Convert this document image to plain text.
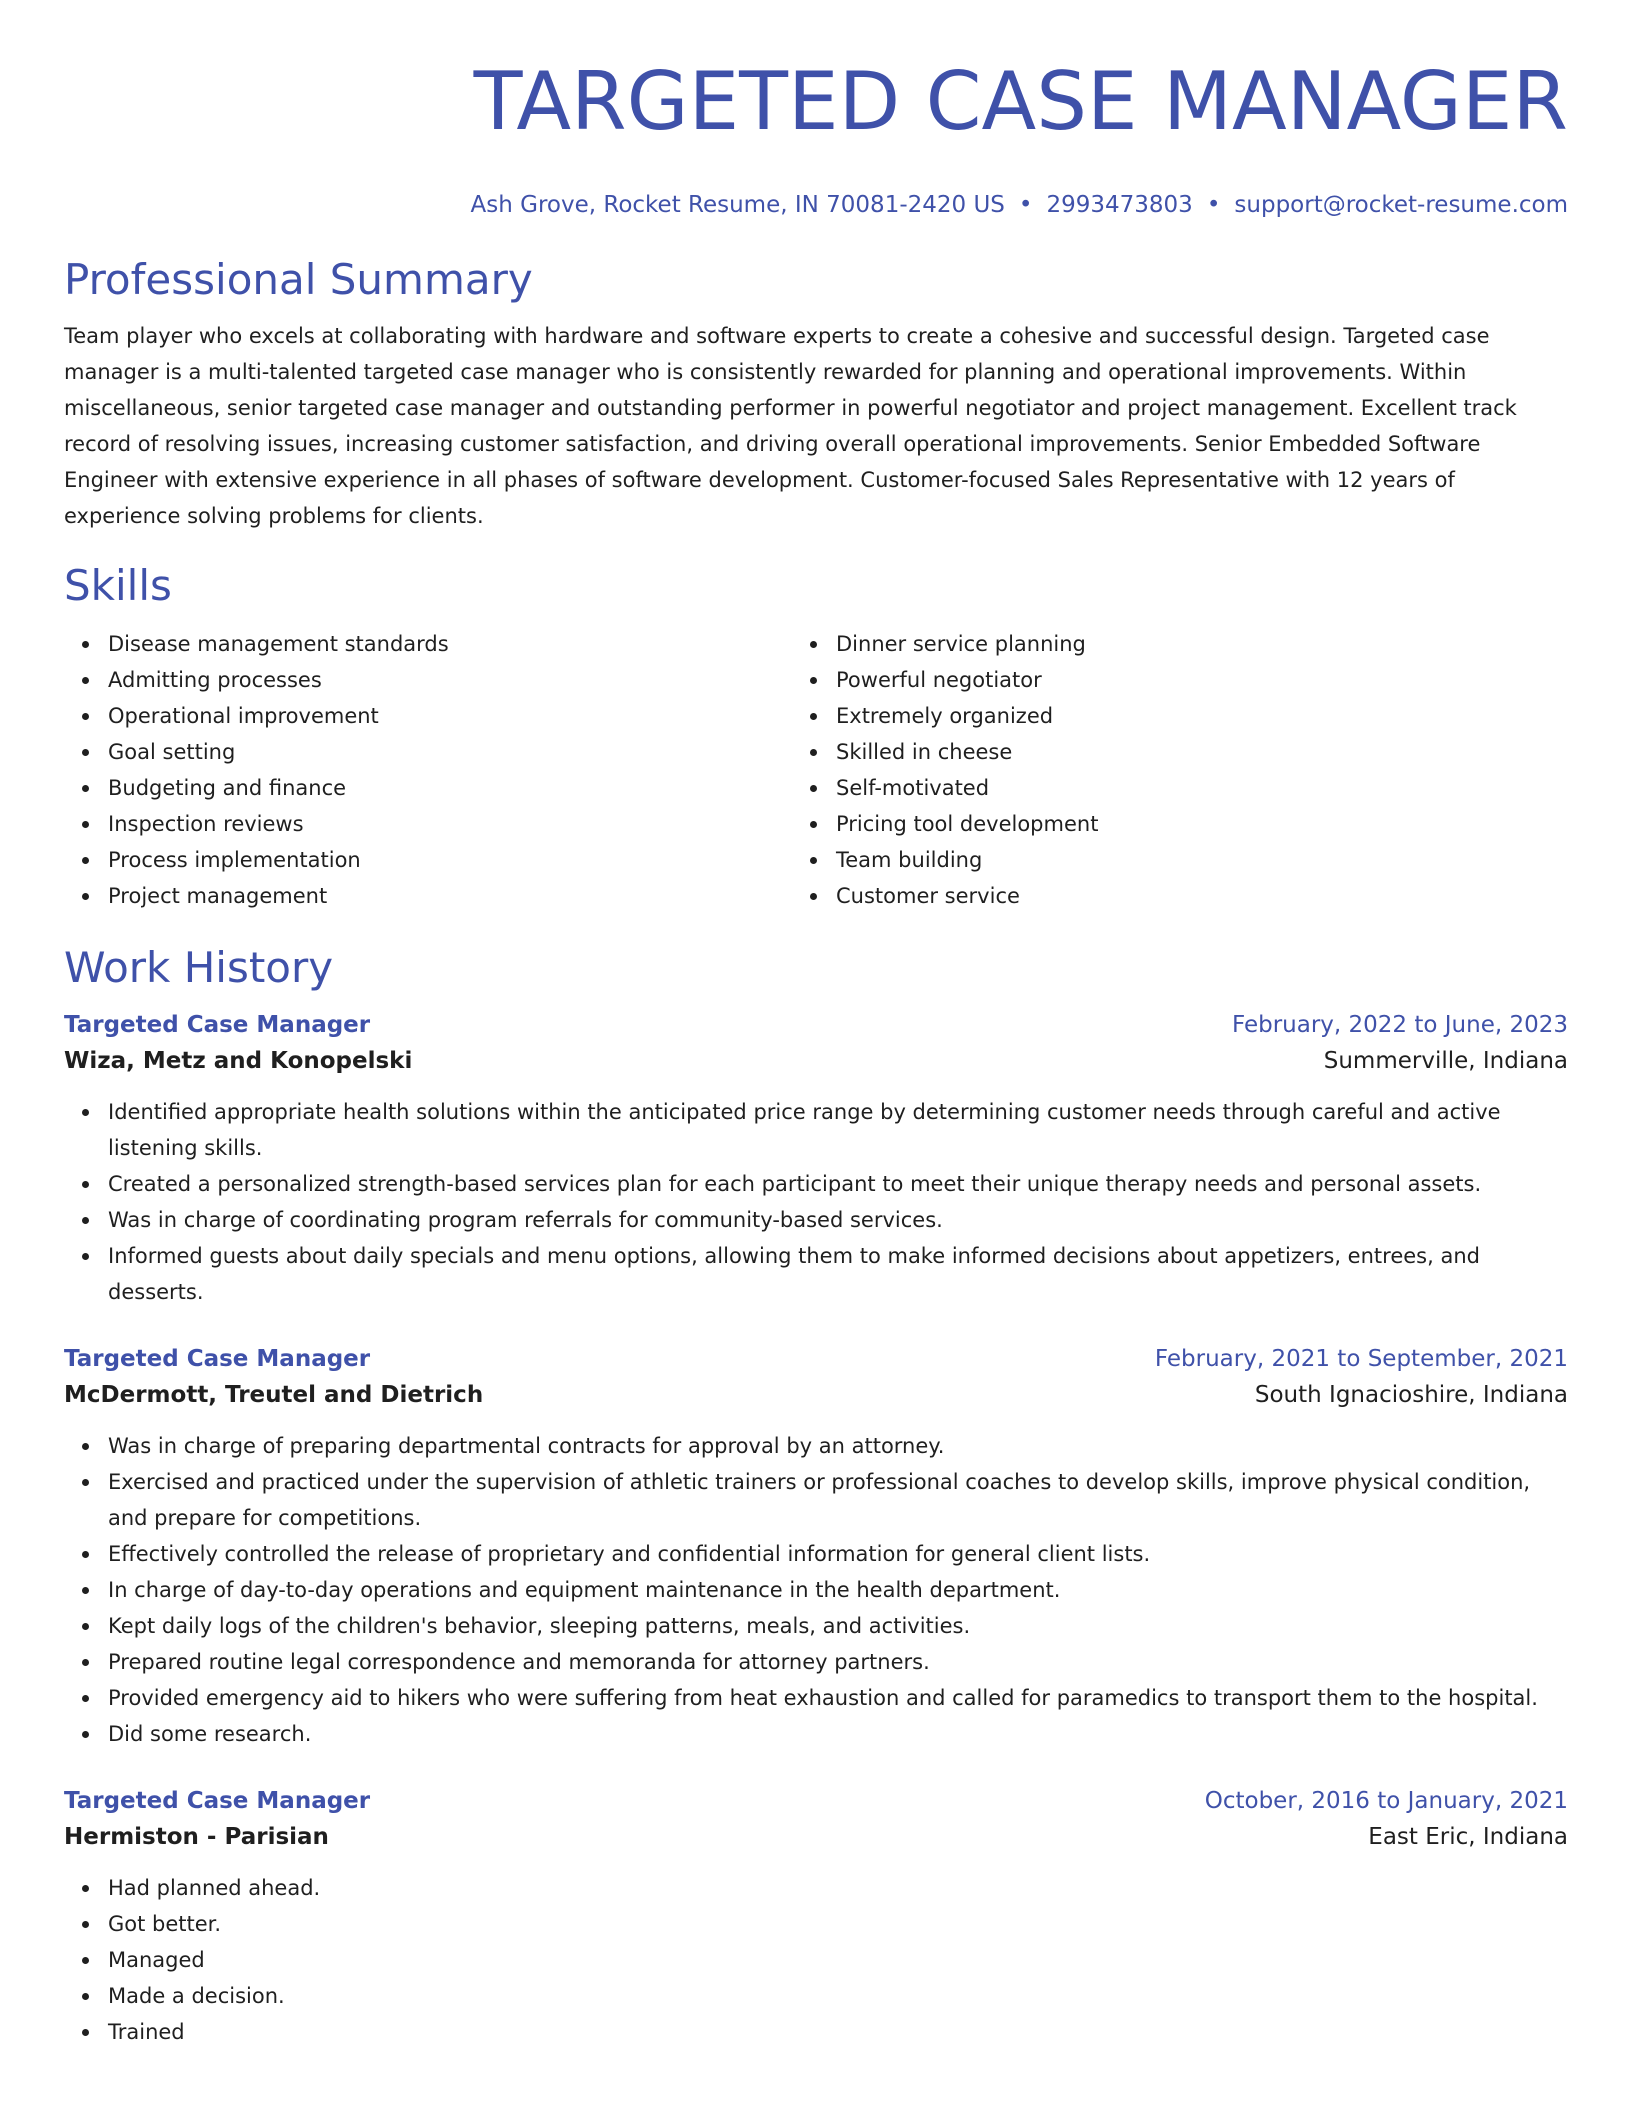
TARGETED CASE MANAGER
Ash Grove, Rocket Resume, IN 70081-2420 US • 2993473803 • support@rocket-resume.com
Professional Summary

Team player who excels at collaborating with hardware and software experts to create a cohesive and successful design. Targeted case manager is a multi-talented targeted case manager who is consistently rewarded for planning and operational improvements. Within miscellaneous, senior targeted case manager and outstanding performer in powerful negotiator and project management. Excellent track record of resolving issues, increasing customer satisfaction, and driving overall operational improvements. Senior Embedded Software Engineer with extensive experience in all phases of software development. Customer-focused Sales Representative with 12 years of experience solving problems for clients.

Skills
Disease management standards
Admitting processes
Operational improvement
Goal setting
Budgeting and finance
Inspection reviews
Process implementation
Project management
Dinner service planning
Powerful negotiator
Extremely organized
Skilled in cheese
Self-motivated
Pricing tool development
Team building
Customer service
Work History
Targeted Case Manager	February, 2022 to June, 2023
Wiza, Metz and Konopelski	Summerville, Indiana
Identified appropriate health solutions within the anticipated price range by determining customer needs through careful and active listening skills.
Created a personalized strength-based services plan for each participant to meet their unique therapy needs and personal assets.
Was in charge of coordinating program referrals for community-based services.
Informed guests about daily specials and menu options, allowing them to make informed decisions about appetizers, entrees, and desserts.
Targeted Case Manager	February, 2021 to September, 2021
McDermott, Treutel and Dietrich	South Ignacioshire, Indiana
Was in charge of preparing departmental contracts for approval by an attorney.
Exercised and practiced under the supervision of athletic trainers or professional coaches to develop skills, improve physical condition, and prepare for competitions.
Effectively controlled the release of proprietary and confidential information for general client lists.
In charge of day-to-day operations and equipment maintenance in the health department.
Kept daily logs of the children's behavior, sleeping patterns, meals, and activities.
Prepared routine legal correspondence and memoranda for attorney partners.
Provided emergency aid to hikers who were suffering from heat exhaustion and called for paramedics to transport them to the hospital.
Did some research.
Targeted Case Manager	October, 2016 to January, 2021
Hermiston - Parisian	East Eric, Indiana
Had planned ahead.
Got better.
Managed
Made a decision.
Trained
